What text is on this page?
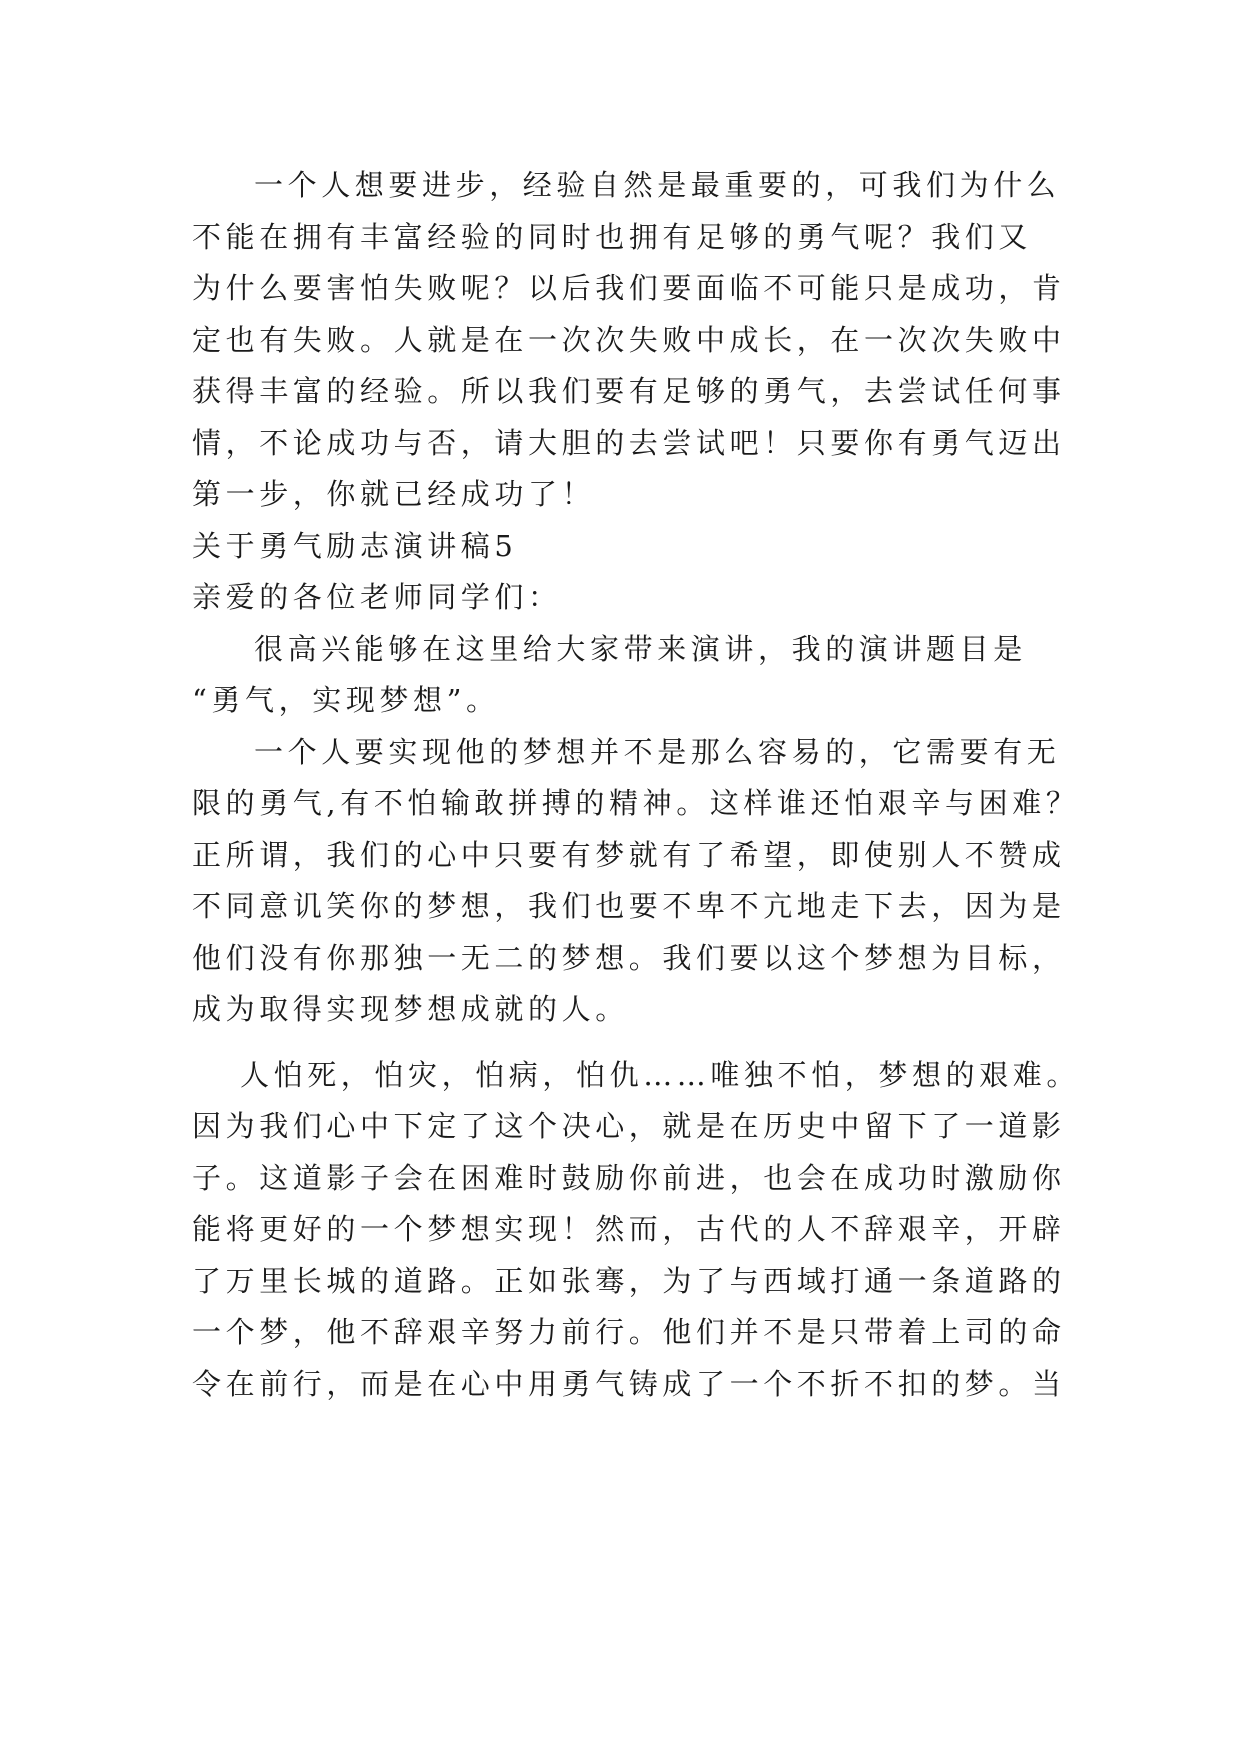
一个人想要进步，经验自然是最重要的，可我们为什么
不能在拥有丰富经验的同时也拥有足够的勇气呢？我们又
为什么要害怕失败呢？以后我们要面临不可能只是成功，肯
定也有失败。人就是在一次次失败中成长，在一次次失败中
获得丰富的经验。所以我们要有足够的勇气，去尝试任何事
情，不论成功与否，请大胆的去尝试吧！只要你有勇气迈出
第一步，你就已经成功了！
关于勇气励志演讲稿5
亲爱的各位老师同学们：
很高兴能够在这里给大家带来演讲，我的演讲题目是
“勇气，实现梦想”。
一个人要实现他的梦想并不是那么容易的，它需要有无
限的勇气,有不怕输敢拼搏的精神。这样谁还怕艰辛与困难？
正所谓，我们的心中只要有梦就有了希望，即使别人不赞成
不同意讥笑你的梦想，我们也要不卑不亢地走下去，因为是
他们没有你那独一无二的梦想。我们要以这个梦想为目标，
成为取得实现梦想成就的人。
人怕死，怕灾，怕病，怕仇……唯独不怕，梦想的艰难。
因为我们心中下定了这个决心，就是在历史中留下了一道影
子。这道影子会在困难时鼓励你前进，也会在成功时激励你
能将更好的一个梦想实现！然而，古代的人不辞艰辛，开辟
了万里长城的道路。正如张骞，为了与西域打通一条道路的
一个梦，他不辞艰辛努力前行。他们并不是只带着上司的命
令在前行，而是在心中用勇气铸成了一个不折不扣的梦。当
